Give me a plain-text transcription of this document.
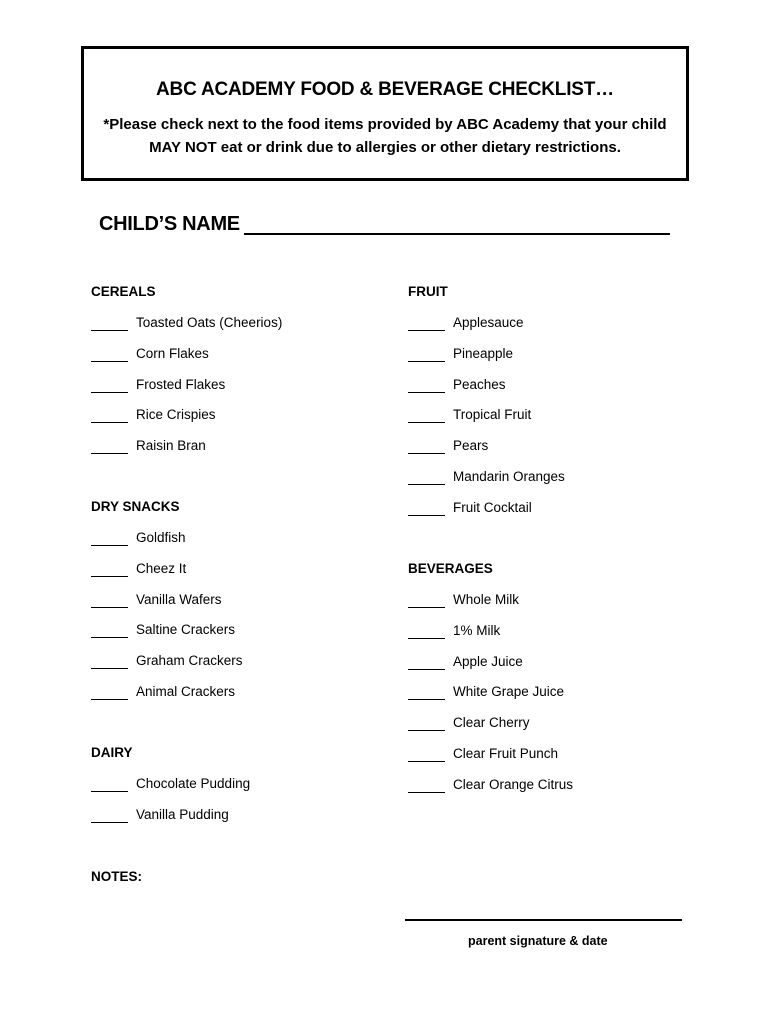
ABC ACADEMY FOOD & BEVERAGE CHECKLIST…
*Please check next to the food items provided by ABC Academy that your child MAY NOT eat or drink due to allergies or other dietary restrictions.
CHILD’S NAME
CEREALS
Toasted Oats (Cheerios)
Corn Flakes
Frosted Flakes
Rice Crispies
Raisin Bran
DRY SNACKS
Goldfish
Cheez It
Vanilla Wafers
Saltine Crackers
Graham Crackers
Animal Crackers
DAIRY
Chocolate Pudding
Vanilla Pudding
FRUIT
Applesauce
Pineapple
Peaches
Tropical Fruit
Pears
Mandarin Oranges
Fruit Cocktail
BEVERAGES
Whole Milk
1% Milk
Apple Juice
White Grape Juice
Clear Cherry
Clear Fruit Punch
Clear Orange Citrus
NOTES:
parent signature & date
